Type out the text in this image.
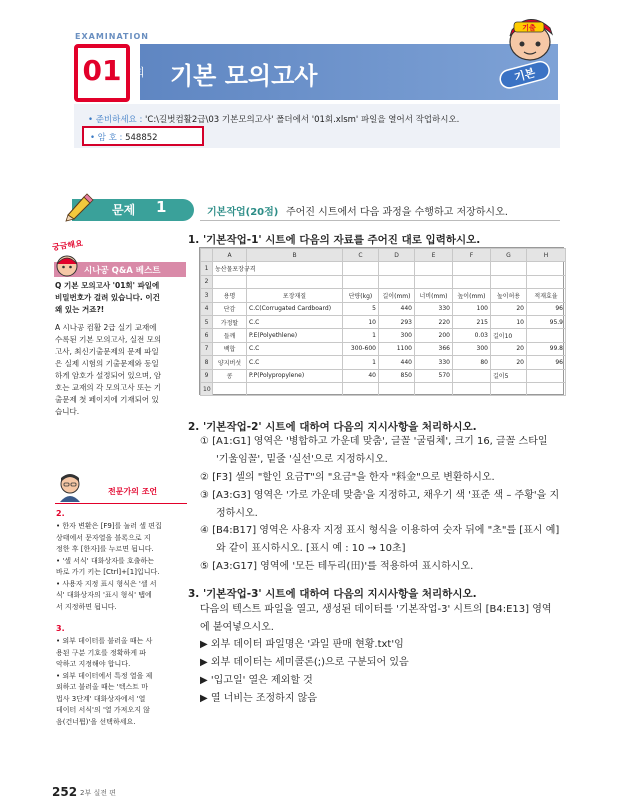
EXAMINATION
01	회 기본 모의고사
기출
기본
• 준비하세요 : 'C:\길벗컴활2급\03 기본모의고사' 폴더에서 '01회.xlsm' 파일을 열어서 작업하시오.
• 암 호 : 548852
문제 1	기본작업(20점) 주어진 시트에서 다음 과정을 수행하고 저장하시오.
궁금해요
시나공 Q&A 베스트
Q 기본 모의고사 '01회' 파일에
비밀번호가 걸려 있습니다. 이건
왜 있는 거죠?!
A 시나공 컴활 2급 실기 교재에
수록된 기본 모의고사, 실전 모의
고사, 최신기출문제의 문제 파일
은 실제 시험의 기출문제와 동일
하게 암호가 설정되어 있으며, 암
호는 교재의 각 모의고사 또는 기
출문제 첫 페이지에 기재되어 있
습니다.
전문가의 조언
2.
• 한자 변환은 [F9]를 눌러 셀 편집
상태에서 문자열을 블록으로 지
정한 후 [한자]를 누르면 됩니다.
• '셀 서식' 대화상자를 호출하는
바로 가기 키는 [Ctrl]+[1]입니다.
• 사용자 지정 표시 형식은 '셀 서
식' 대화상자의 '표시 형식' 탭에
서 지정하면 됩니다.
3.
• 외부 데이터를 불러올 때는 사
용된 구분 기호를 정확하게 파
악하고 지정해야 합니다.
• 외부 데이터에서 특정 열을 제
외하고 불러올 때는 '텍스트 마
법사 3단계' 대화상자에서 '열
데이터 서식'의 '열 가져오지 않
음(건너뜀)'을 선택하세요.
1. '기본작업-1' 시트에 다음의 자료를 주어진 대로 입력하시오.
	A	B	C	D	E	F	G	H
1	농산물포장규격							
2								
3	용명	포장재질	단량(kg)	길이(mm)	너비(mm)	높이(mm)	높이허용	적재효율
4	단감	C.C(Corrugated Cardboard)	5	440	330	100	20	96
5	가정딸	C.C	10	293	220	215	10	95.9
6	들깨	P.E(Polyethlene)	1	300	200	0.03	길이10	
7	백합	C.C	300-600	1100	366	300	20	99.8
8	양지버섯	C.C	1	440	330	80	20	96
9	콩	P.P(Polypropylene)	40	850	570		길이5	
10								
2. '기본작업-2' 시트에 대하여 다음의 지시사항을 처리하시오.
① [A1:G1] 영역은 '병합하고 가운데 맞춤', 글꼴 '굴림체', 크기 16, 글꼴 스타일
'기울임꼴', 밑줄 '실선'으로 지정하시오.
② [F3] 셀의 "할인 요금T"의 "요금"을 한자 "料金"으로 변환하시오.
③ [A3:G3] 영역은 '가로 가운데 맞춤'을 지정하고, 채우기 색 '표준 색 – 주황'을 지
정하시오.
④ [B4:B17] 영역은 사용자 지정 표시 형식을 이용하여 숫자 뒤에 "초"를 [표시 예]
와 같이 표시하시오. [표시 예 : 10 → 10초]
⑤ [A3:G17] 영역에 '모든 테두리(田)'를 적용하여 표시하시오.
3. '기본작업-3' 시트에 대하여 다음의 지시사항을 처리하시오.
다음의 텍스트 파일을 열고, 생성된 데이터를 '기본작업-3' 시트의 [B4:E13] 영역
에 붙여넣으시오.
▶ 외부 데이터 파일명은 '과일 판매 현황.txt'임
▶ 외부 데이터는 세미콜론(;)으로 구분되어 있음
▶ '입고일' 열은 제외할 것
▶ 열 너비는 조정하지 않음
252 2부 실전 편
